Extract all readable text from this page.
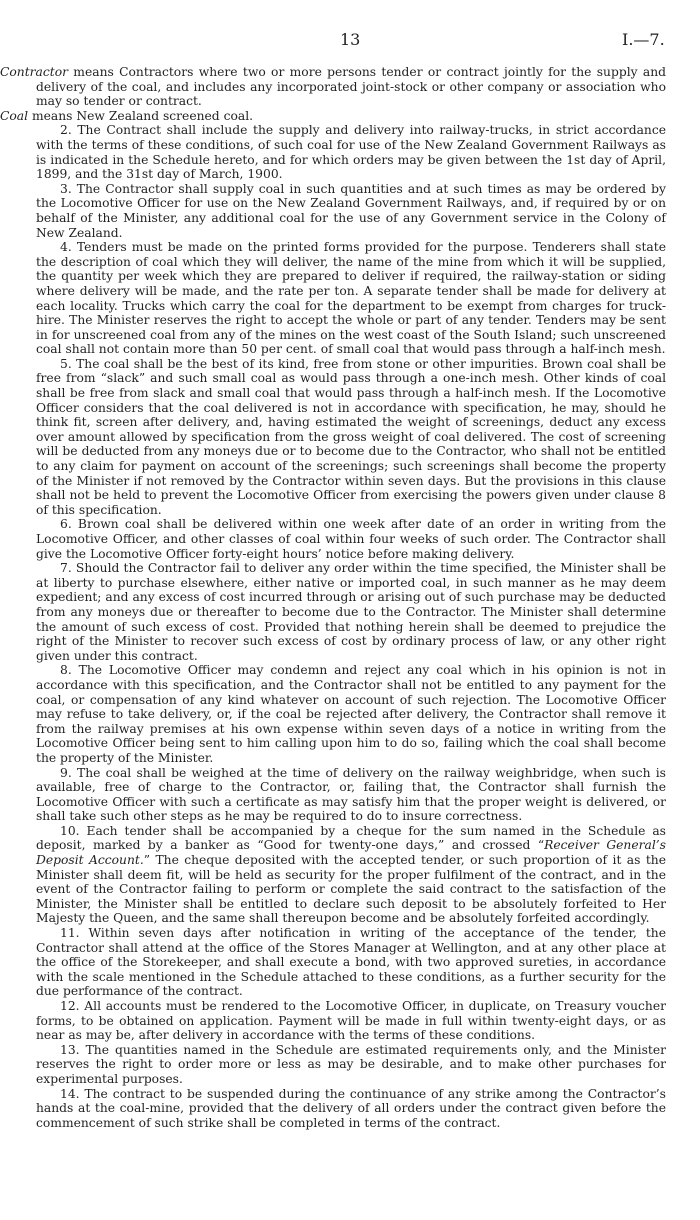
13	I.—7.

Contractor means Contractors where two or more persons tender or contract jointly for the supply and delivery of the coal, and includes any incorporated joint-stock or other company or association who may so tender or contract.

Coal means New Zealand screened coal.

2. The Contract shall include the supply and delivery into railway-trucks, in strict accordance with the terms of these conditions, of such coal for use of the New Zealand Government Railways as is indicated in the Schedule hereto, and for which orders may be given between the 1st day of April, 1899, and the 31st day of March, 1900.

3. The Contractor shall supply coal in such quantities and at such times as may be ordered by the Locomotive Officer for use on the New Zealand Government Railways, and, if required by or on behalf of the Minister, any additional coal for the use of any Government service in the Colony of New Zealand.

4. Tenders must be made on the printed forms provided for the purpose. Tenderers shall state the description of coal which they will deliver, the name of the mine from which it will be supplied, the quantity per week which they are prepared to deliver if required, the railway-station or siding where delivery will be made, and the rate per ton. A separate tender shall be made for delivery at each locality. Trucks which carry the coal for the department to be exempt from charges for truck-hire. The Minister reserves the right to accept the whole or part of any tender. Tenders may be sent in for unscreened coal from any of the mines on the west coast of the South Island; such unscreened coal shall not contain more than 50 per cent. of small coal that would pass through a half-inch mesh.

5. The coal shall be the best of its kind, free from stone or other impurities. Brown coal shall be free from “slack” and such small coal as would pass through a one-inch mesh. Other kinds of coal shall be free from slack and small coal that would pass through a half-inch mesh. If the Locomotive Officer considers that the coal delivered is not in accordance with specification, he may, should he think fit, screen after delivery, and, having estimated the weight of screenings, deduct any excess over amount allowed by specification from the gross weight of coal delivered. The cost of screening will be deducted from any moneys due or to become due to the Contractor, who shall not be entitled to any claim for payment on account of the screenings; such screenings shall become the property of the Minister if not removed by the Contractor within seven days. But the provisions in this clause shall not be held to prevent the Locomotive Officer from exercising the powers given under clause 8 of this specification.

6. Brown coal shall be delivered within one week after date of an order in writing from the Locomotive Officer, and other classes of coal within four weeks of such order. The Contractor shall give the Locomotive Officer forty-eight hours’ notice before making delivery.

7. Should the Contractor fail to deliver any order within the time specified, the Minister shall be at liberty to purchase elsewhere, either native or imported coal, in such manner as he may deem expedient; and any excess of cost incurred through or arising out of such purchase may be deducted from any moneys due or thereafter to become due to the Contractor. The Minister shall determine the amount of such excess of cost. Provided that nothing herein shall be deemed to prejudice the right of the Minister to recover such excess of cost by ordinary process of law, or any other right given under this contract.

8. The Locomotive Officer may condemn and reject any coal which in his opinion is not in accordance with this specification, and the Contractor shall not be entitled to any payment for the coal, or compensation of any kind whatever on account of such rejection. The Locomotive Officer may refuse to take delivery, or, if the coal be rejected after delivery, the Contractor shall remove it from the railway premises at his own expense within seven days of a notice in writing from the Locomotive Officer being sent to him calling upon him to do so, failing which the coal shall become the property of the Minister.

9. The coal shall be weighed at the time of delivery on the railway weighbridge, when such is available, free of charge to the Contractor, or, failing that, the Contractor shall furnish the Locomotive Officer with such a certificate as may satisfy him that the proper weight is delivered, or shall take such other steps as he may be required to do to insure correctness.

10. Each tender shall be accompanied by a cheque for the sum named in the Schedule as deposit, marked by a banker as “Good for twenty-one days,” and crossed “Receiver General’s Deposit Account.” The cheque deposited with the accepted tender, or such proportion of it as the Minister shall deem fit, will be held as security for the proper fulfilment of the contract, and in the event of the Contractor failing to perform or complete the said contract to the satisfaction of the Minister, the Minister shall be entitled to declare such deposit to be absolutely forfeited to Her Majesty the Queen, and the same shall thereupon become and be absolutely forfeited accordingly.

11. Within seven days after notification in writing of the acceptance of the tender, the Contractor shall attend at the office of the Stores Manager at Wellington, and at any other place at the office of the Storekeeper, and shall execute a bond, with two approved sureties, in accordance with the scale mentioned in the Schedule attached to these conditions, as a further security for the due performance of the contract.

12. All accounts must be rendered to the Locomotive Officer, in duplicate, on Treasury voucher forms, to be obtained on application. Payment will be made in full within twenty-eight days, or as near as may be, after delivery in accordance with the terms of these conditions.

13. The quantities named in the Schedule are estimated requirements only, and the Minister reserves the right to order more or less as may be desirable, and to make other purchases for experimental purposes.

14. The contract to be suspended during the continuance of any strike among the Contractor’s hands at the coal-mine, provided that the delivery of all orders under the contract given before the commencement of such strike shall be completed in terms of the contract.
